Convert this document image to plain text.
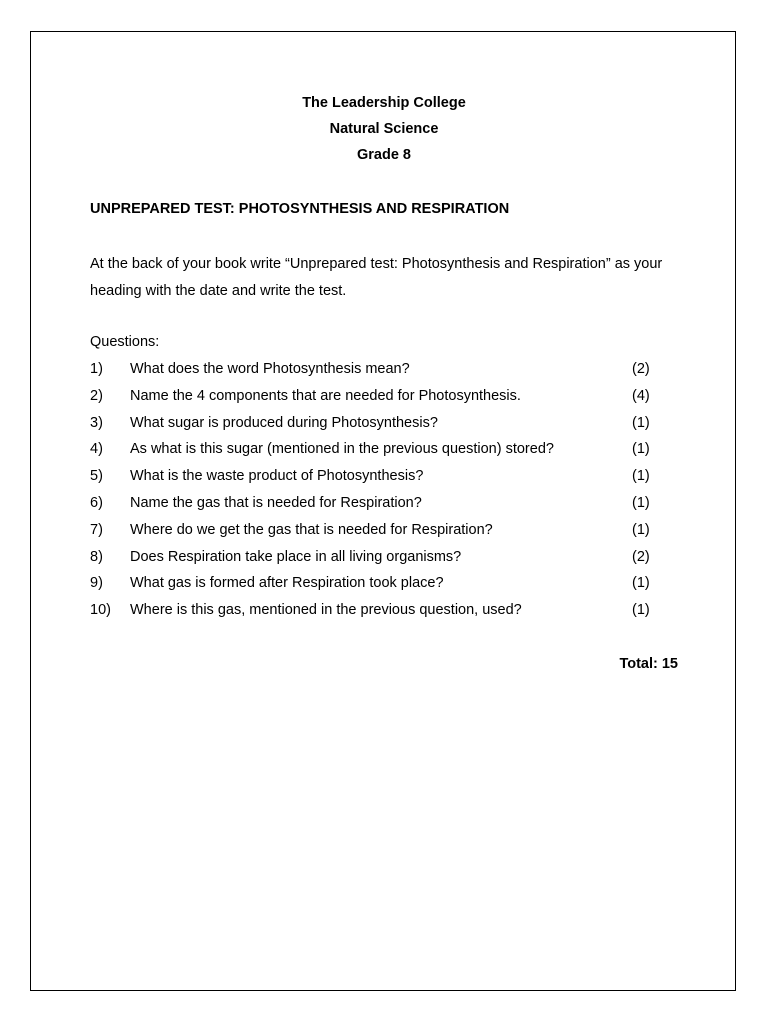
The Leadership College
Natural Science
Grade 8
UNPREPARED TEST: PHOTOSYNTHESIS AND RESPIRATION
At the back of your book write “Unprepared test: Photosynthesis and Respiration” as your heading with the date and write the test.
Questions:
1) What does the word Photosynthesis mean?	(2)
2) Name the 4 components that are needed for Photosynthesis.	(4)
3) What sugar is produced during Photosynthesis?	(1)
4) As what is this sugar (mentioned in the previous question) stored?	(1)
5) What is the waste product of Photosynthesis?	(1)
6) Name the gas that is needed for Respiration?	(1)
7) Where do we get the gas that is needed for Respiration?	(1)
8) Does Respiration take place in all living organisms?	(2)
9) What gas is formed after Respiration took place?	(1)
10) Where is this gas, mentioned in the previous question, used?	(1)
Total: 15
